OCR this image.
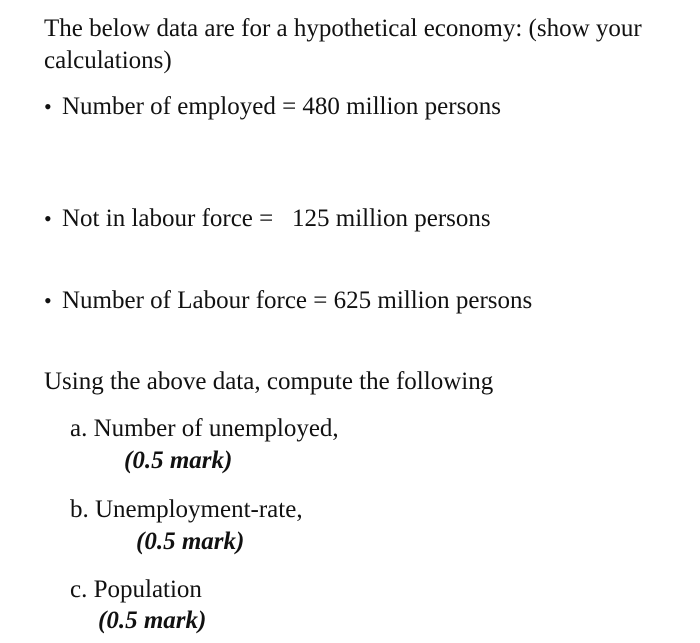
The below data are for a hypothetical economy: (show your
calculations)
• Number of employed = 480 million persons
• Not in labour force =   125 million persons
• Number of Labour force = 625 million persons
Using the above data, compute the following
a. Number of unemployed,
(0.5 mark)
b. Unemployment-rate,
(0.5 mark)
c. Population
(0.5 mark)
